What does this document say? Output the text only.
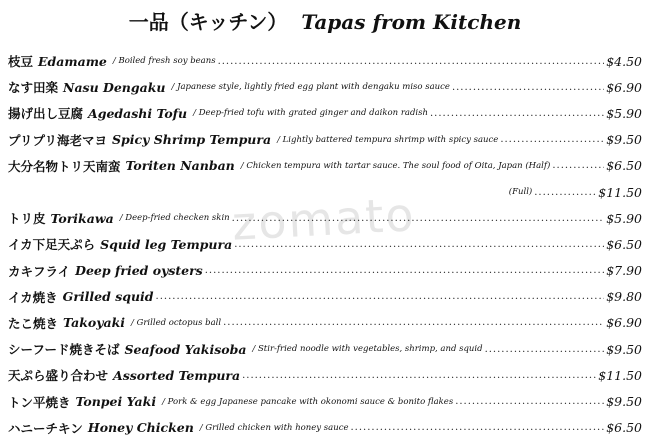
一品（キッチン） Tapas from Kitchen
zomato
枝豆 Edamame / Boiled fresh soy beans .....	$4.50
なす田楽 Nasu Dengaku / Japanese style, lightly fried egg plant with dengaku miso sauce .....	$6.90
揚げ出し豆腐 Agedashi Tofu / Deep-fried tofu with grated ginger and daikon radish .....	$5.90
プリプリ海老マヨ Spicy Shrimp Tempura / Lightly battered tempura shrimp with spicy sauce .....	$9.50
大分名物トリ天南蛮 Toriten Nanban / Chicken tempura with tartar sauce. The soul food of Oita, Japan (Half) .....	$6.50
(Full) .....	$11.50
トリ皮 Torikawa / Deep-fried checken skin .....	$5.90
イカ下足天ぷら Squid leg Tempura .....	$6.50
カキフライ Deep fried oysters .....	$7.90
イカ焼き Grilled squid .....	$9.80
たこ焼き Takoyaki / Grilled octopus ball .....	$6.90
シーフード焼きそば Seafood Yakisoba / Stir-fried noodle with vegetables, shrimp, and squid .....	$9.50
天ぷら盛り合わせ Assorted Tempura .....	$11.50
トン平焼き Tonpei Yaki / Pork & egg Japanese pancake with okonomi sauce & bonito flakes .....	$9.50
ハニーチキン Honey Chicken / Grilled chicken with honey sauce .....	$6.50
